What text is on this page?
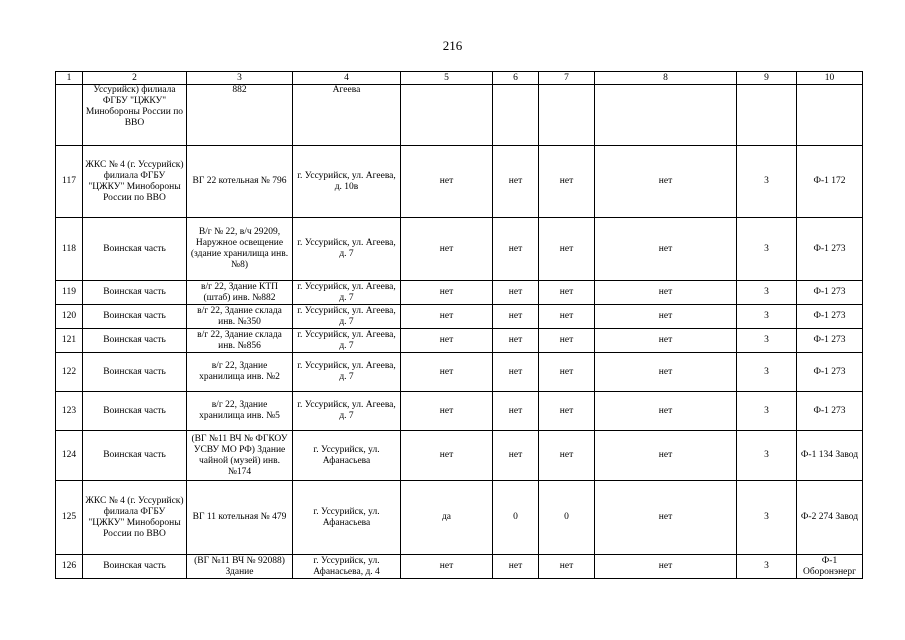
216
1	2	3	4	5	6	7	8	9	10
	Уссурийск) филиала ФГБУ "ЦЖКУ" Минобороны России по ВВО	882	Агеева						
117	ЖКС № 4 (г. Уссурийск) филиала ФГБУ "ЦЖКУ" Минобороны России по ВВО	ВГ 22 котельная № 796	г. Уссурийск, ул. Агеева, д. 10в	нет	нет	нет	нет	3	Ф-1 172
118	Воинская часть	В/г № 22, в/ч 29209, Наружное освещение (здание хранилища инв. №8)	г. Уссурийск, ул. Агеева, д. 7	нет	нет	нет	нет	3	Ф-1 273
119	Воинская часть	в/г 22, Здание КТП (штаб) инв. №882	г. Уссурийск, ул. Агеева, д. 7	нет	нет	нет	нет	3	Ф-1 273
120	Воинская часть	в/г 22, Здание склада инв. №350	г. Уссурийск, ул. Агеева, д. 7	нет	нет	нет	нет	3	Ф-1 273
121	Воинская часть	в/г 22, Здание склада инв. №856	г. Уссурийск, ул. Агеева, д. 7	нет	нет	нет	нет	3	Ф-1 273
122	Воинская часть	в/г 22, Здание хранилища инв. №2	г. Уссурийск, ул. Агеева, д. 7	нет	нет	нет	нет	3	Ф-1 273
123	Воинская часть	в/г 22, Здание хранилища инв. №5	г. Уссурийск, ул. Агеева, д. 7	нет	нет	нет	нет	3	Ф-1 273
124	Воинская часть	(ВГ №11 ВЧ № ФГКОУ УСВУ МО РФ) Здание чайной (музей) инв. №174	г. Уссурийск, ул. Афанасьева	нет	нет	нет	нет	3	Ф-1 134 Завод
125	ЖКС № 4 (г. Уссурийск) филиала ФГБУ "ЦЖКУ" Минобороны России по ВВО	ВГ 11 котельная № 479	г. Уссурийск, ул. Афанасьева	да	0	0	нет	3	Ф-2 274 Завод
126	Воинская часть	(ВГ №11 ВЧ № 92088) Здание	г. Уссурийск, ул. Афанасьева, д. 4	нет	нет	нет	нет	3	Ф-1 Оборонэнерг
